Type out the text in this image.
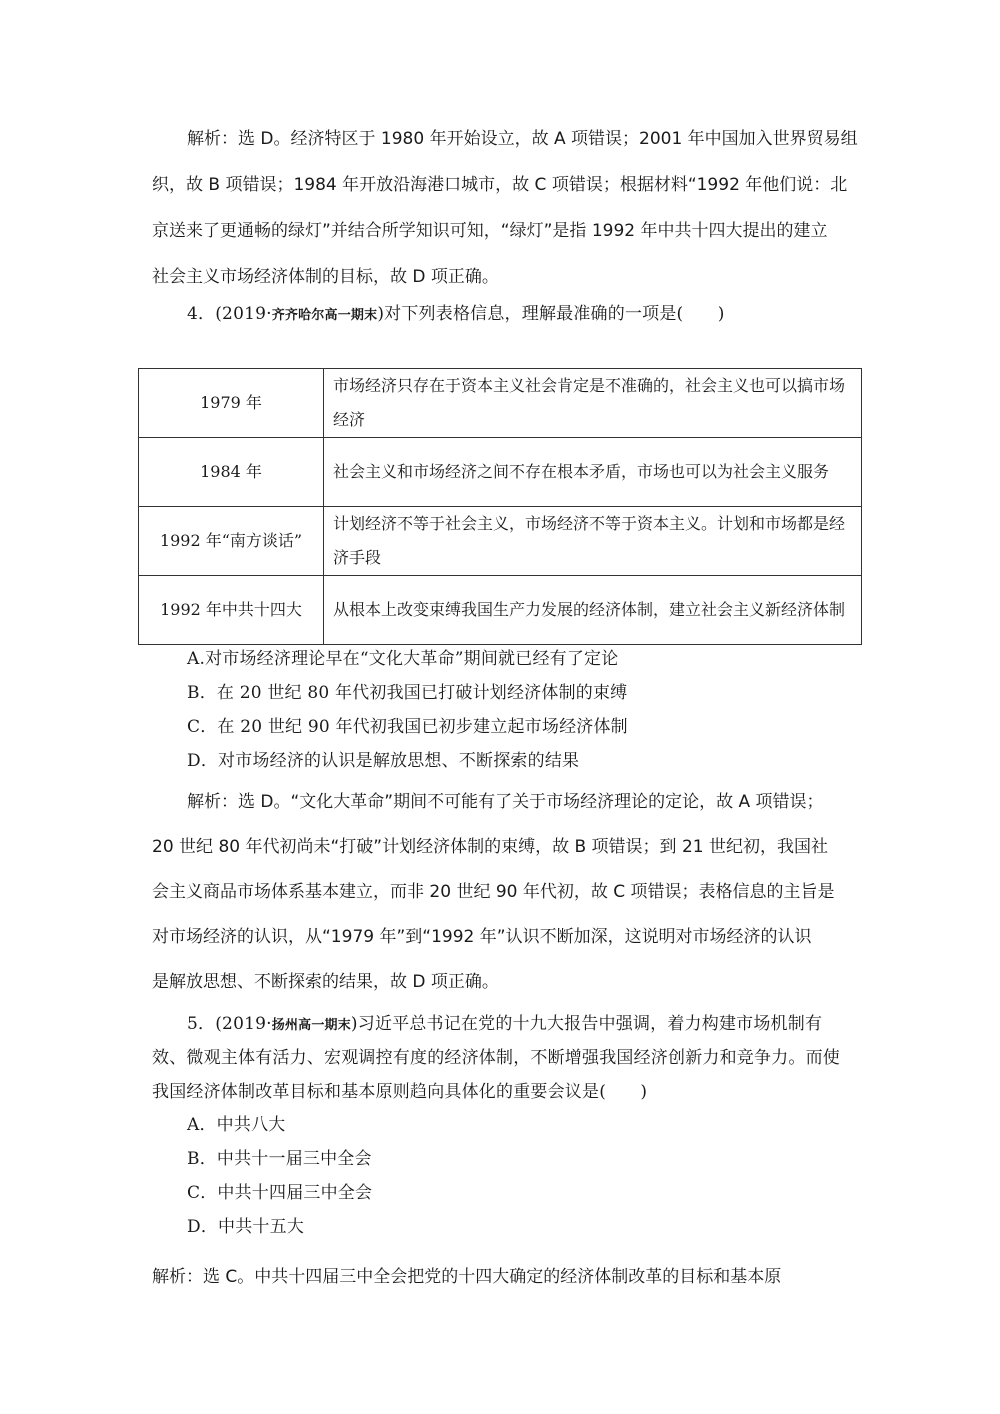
解析：选 D。经济特区于 1980 年开始设立，故 A 项错误；2001 年中国加入世界贸易组
织，故 B 项错误；1984 年开放沿海港口城市，故 C 项错误；根据材料“1992 年他们说：北
京送来了更通畅的绿灯”并结合所学知识可知，“绿灯”是指 1992 年中共十四大提出的建立
社会主义市场经济体制的目标，故 D 项正确。
4．(2019·齐齐哈尔高一期末)对下列表格信息，理解最准确的一项是(　　)
1979 年	市场经济只存在于资本主义社会肯定是不准确的，社会主义也可以搞市场经济
1984 年	社会主义和市场经济之间不存在根本矛盾，市场也可以为社会主义服务
1992 年“南方谈话”	计划经济不等于社会主义，市场经济不等于资本主义。计划和市场都是经济手段
1992 年中共十四大	从根本上改变束缚我国生产力发展的经济体制，建立社会主义新经济体制
A.对市场经济理论早在“文化大革命”期间就已经有了定论
B．在 20 世纪 80 年代初我国已打破计划经济体制的束缚
C．在 20 世纪 90 年代初我国已初步建立起市场经济体制
D．对市场经济的认识是解放思想、不断探索的结果
解析：选 D。“文化大革命”期间不可能有了关于市场经济理论的定论，故 A 项错误；
20 世纪 80 年代初尚未“打破”计划经济体制的束缚，故 B 项错误；到 21 世纪初，我国社
会主义商品市场体系基本建立，而非 20 世纪 90 年代初，故 C 项错误；表格信息的主旨是
对市场经济的认识，从“1979 年”到“1992 年”认识不断加深，这说明对市场经济的认识
是解放思想、不断探索的结果，故 D 项正确。
5．(2019·扬州高一期末)习近平总书记在党的十九大报告中强调，着力构建市场机制有
效、微观主体有活力、宏观调控有度的经济体制，不断增强我国经济创新力和竞争力。而使
我国经济体制改革目标和基本原则趋向具体化的重要会议是(　　)
A．中共八大
B．中共十一届三中全会
C．中共十四届三中全会
D．中共十五大
解析：选 C。中共十四届三中全会把党的十四大确定的经济体制改革的目标和基本原
